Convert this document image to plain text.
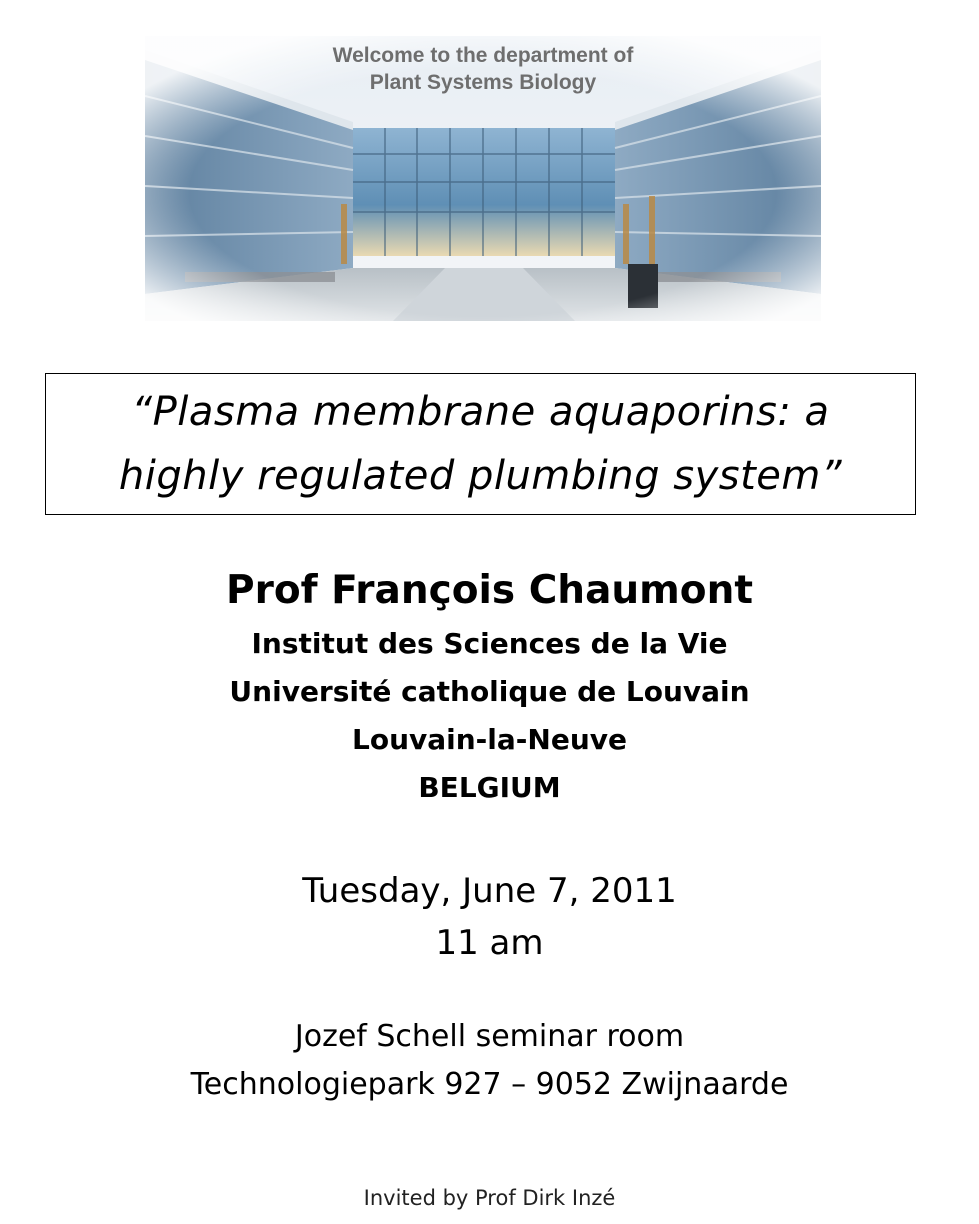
Welcome to the department of
Plant Systems Biology

“Plasma membrane aquaporins: a
highly regulated plumbing system”

Prof François Chaumont
Institut des Sciences de la Vie
Université catholique de Louvain
Louvain-la-Neuve
BELGIUM
Tuesday, June 7, 2011
11 am
Jozef Schell seminar room
Technologiepark 927 – 9052 Zwijnaarde
Invited by Prof Dirk Inzé
